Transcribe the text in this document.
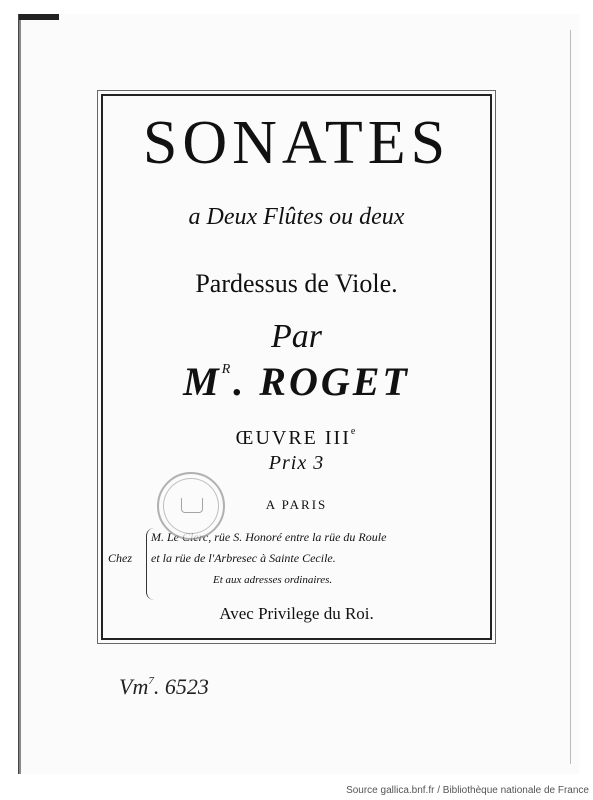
SONATES
a Deux Flûtes ou deux
Pardessus de Viole.
Par
$M^R$. ROGET
ŒUVRE IIIe
Prix 3
A PARIS
Chez
M. Le Clerc, rüe S. Honoré entre la rüe du Roule
et la rüe de l'Arbresec à Sainte Cecile.
Et aux adresses ordinaires.
Avec Privilege du Roi.
Vm$^7$. 6523
Source gallica.bnf.fr / Bibliothèque nationale de France
